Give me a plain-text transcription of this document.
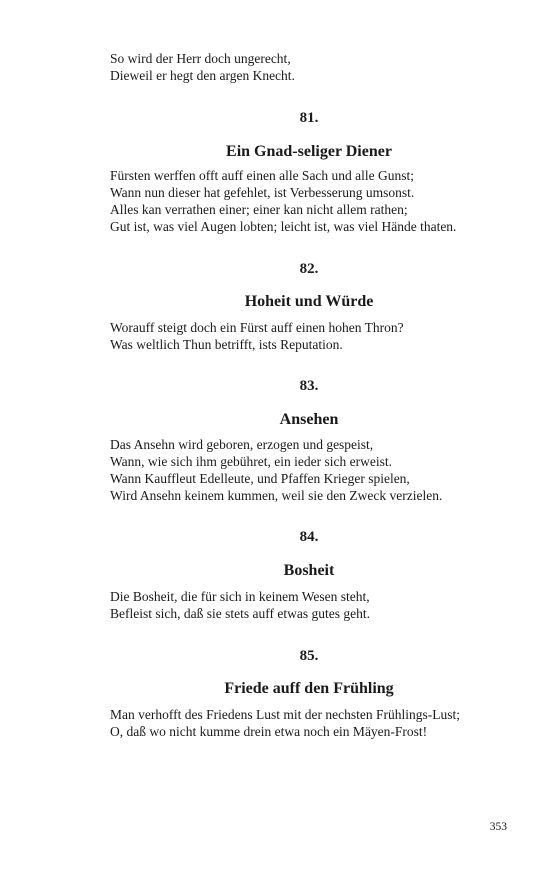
So wird der Herr doch ungerecht,
Dieweil er hegt den argen Knecht.
81.
Ein Gnad-seliger Diener
Fürsten werffen offt auff einen alle Sach und alle Gunst;
Wann nun dieser hat gefehlet, ist Verbesserung umsonst.
Alles kan verrathen einer; einer kan nicht allem rathen;
Gut ist, was viel Augen lobten; leicht ist, was viel Hände thaten.
82.
Hoheit und Würde
Worauff steigt doch ein Fürst auff einen hohen Thron?
Was weltlich Thun betrifft, ists Reputation.
83.
Ansehen
Das Ansehn wird geboren, erzogen und gespeist,
Wann, wie sich ihm gebühret, ein ieder sich erweist.
Wann Kauffleut Edelleute, und Pfaffen Krieger spielen,
Wird Ansehn keinem kummen, weil sie den Zweck verzielen.
84.
Bosheit
Die Bosheit, die für sich in keinem Wesen steht,
Befleist sich, daß sie stets auff etwas gutes geht.
85.
Friede auff den Frühling
Man verhofft des Friedens Lust mit der nechsten Frühlings-Lust;
O, daß wo nicht kumme drein etwa noch ein Mäyen-Frost!
353
